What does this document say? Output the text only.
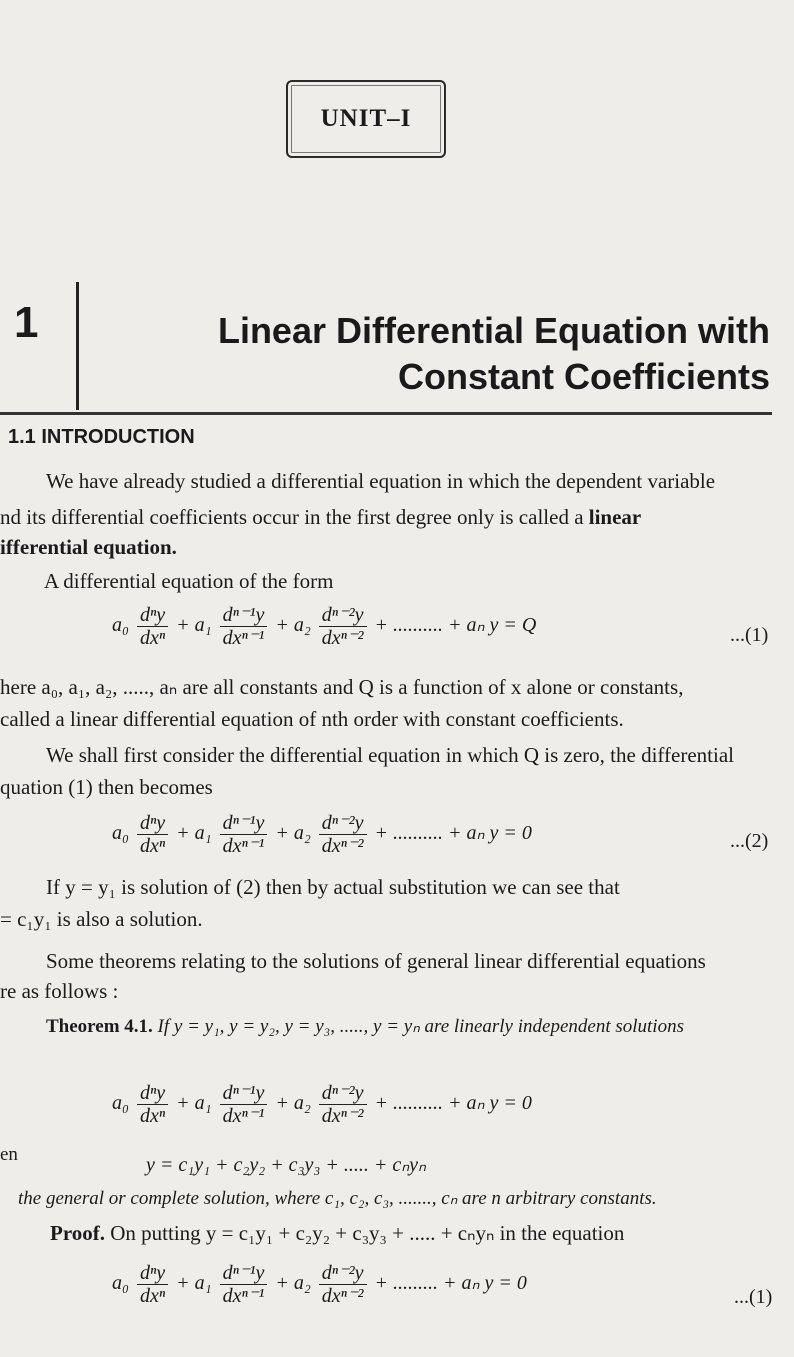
UNIT–I
1	Linear Differential Equation with
Constant Coefficients
1.1 INTRODUCTION
We have already studied a differential equation in which the dependent variable
nd its differential coefficients occur in the first degree only is called a linear
ifferential equation.
A differential equation of the form
$a_0 \frac{\text{dⁿy}}{\text{dxⁿ}} + a_1 \frac{\text{dⁿ⁻¹y}}{\text{dxⁿ⁻¹}} + a_2 \frac{\text{dⁿ⁻²y}}{\text{dxⁿ⁻²}}$ + .......... + aₙ y = Q	...(1)
here a₀, a₁, a₂, ....., aₙ are all constants and Q is a function of x alone or constants,
called a linear differential equation of nth order with constant coefficients.
We shall first consider the differential equation in which Q is zero, the differential
quation (1) then becomes
$a_0 \frac{\text{dⁿy}}{\text{dxⁿ}} + a_1 \frac{\text{dⁿ⁻¹y}}{\text{dxⁿ⁻¹}} + a_2 \frac{\text{dⁿ⁻²y}}{\text{dxⁿ⁻²}}$ + .......... + aₙ y = 0	...(2)
If y = y₁ is solution of (2) then by actual substitution we can see that
= c₁y₁ is also a solution.
Some theorems relating to the solutions of general linear differential equations
re as follows :
Theorem 4.1. If y = y₁, y = y₂, y = y₃, ....., y = yₙ are linearly independent solutions
$a_0 \frac{\text{dⁿy}}{\text{dxⁿ}} + a_1 \frac{\text{dⁿ⁻¹y}}{\text{dxⁿ⁻¹}} + a_2 \frac{\text{dⁿ⁻²y}}{\text{dxⁿ⁻²}}$ + .......... + aₙ y = 0
en	y = c₁y₁ + c₂y₂ + c₃y₃ + ..... + cₙyₙ
the general or complete solution, where c₁, c₂, c₃, ......., cₙ are n arbitrary constants.
Proof. On putting y = c₁y₁ + c₂y₂ + c₃y₃ + ..... + cₙyₙ in the equation
$a_0 \frac{\text{dⁿy}}{\text{dxⁿ}} + a_1 \frac{\text{dⁿ⁻¹y}}{\text{dxⁿ⁻¹}} + a_2 \frac{\text{dⁿ⁻²y}}{\text{dxⁿ⁻²}}$ + ......... + aₙ y = 0
...(1)
